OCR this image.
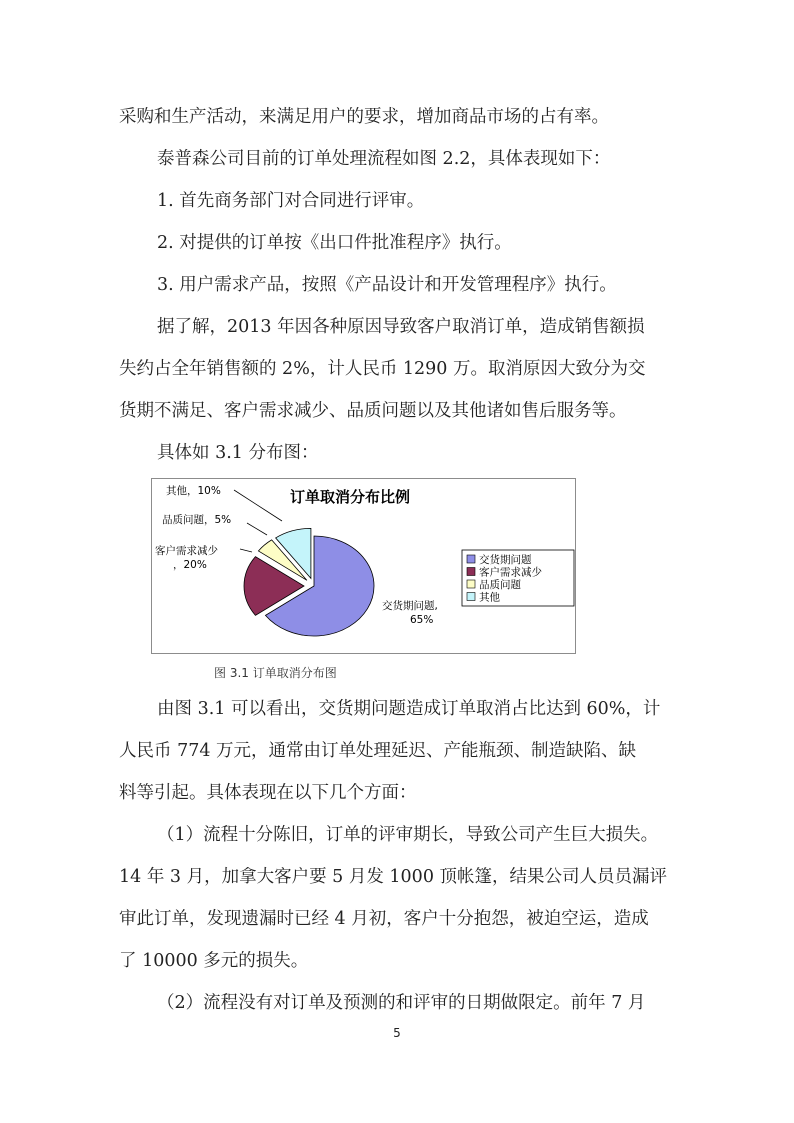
采购和生产活动，来满足用户的要求，增加商品市场的占有率。

泰普森公司目前的订单处理流程如图 2.2，具体表现如下：

1. 首先商务部门对合同进行评审。

2. 对提供的订单按《出口件批准程序》执行。

3. 用户需求产品，按照《产品设计和开发管理程序》执行。

据了解，2013 年因各种原因导致客户取消订单，造成销售额损

失约占全年销售额的 2%，计人民币 1290 万。取消原因大致分为交

货期不满足、客户需求减少、品质问题以及其他诸如售后服务等。

具体如 3.1 分布图：

订单取消分布比例
交货期问题,
65%
客户需求减少
，20%
品质问题，5%
其他，10%
交货期问题
客户需求减少
品质问题
其他
图 3.1 订单取消分布图

由图 3.1 可以看出，交货期问题造成订单取消占比达到 60%，计

人民币 774 万元，通常由订单处理延迟、产能瓶颈、制造缺陷、缺

料等引起。具体表现在以下几个方面：

（1）流程十分陈旧，订单的评审期长，导致公司产生巨大损失。

14 年 3 月，加拿大客户要 5 月发 1000 顶帐篷，结果公司人员员漏评

审此订单，发现遗漏时已经 4 月初，客户十分抱怨，被迫空运，造成

了 10000 多元的损失。

（2）流程没有对订单及预测的和评审的日期做限定。前年 7 月

5
